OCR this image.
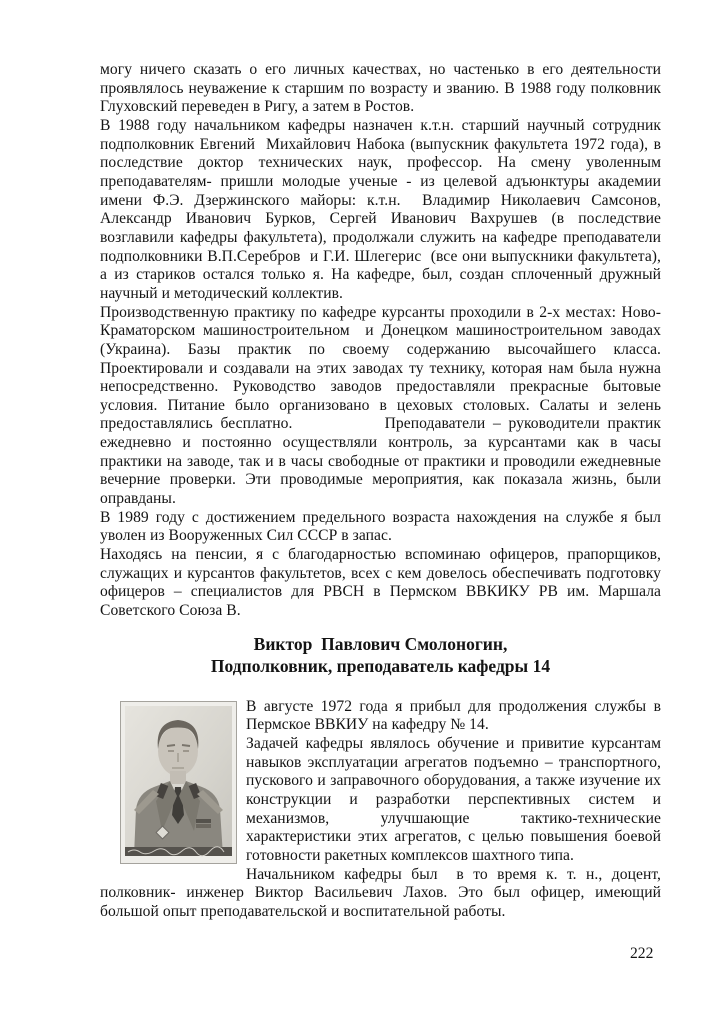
могу ничего сказать о его личных качествах, но частенько в его деятельности проявлялось неуважение к старшим по возрасту и званию. В 1988 году полковник Глуховский переведен в Ригу, а затем в Ростов.

В 1988 году начальником кафедры назначен к.т.н. старший научный сотрудник подполковник Евгений  Михайлович Набока (выпускник факультета 1972 года), в последствие доктор технических наук, профессор. На смену уволенным преподавателям- пришли молодые ученые - из целевой адъюнктуры академии имени Ф.Э. Дзержинского майоры: к.т.н.  Владимир Николаевич Самсонов, Александр Иванович Бурков, Сергей Иванович Вахрушев (в последствие возглавили кафедры факультета), продолжали служить на кафедре преподаватели подполковники В.П.Серебров  и Г.И. Шлегерис  (все они выпускники факультета), а из стариков остался только я. На кафедре, был, создан сплоченный дружный научный и методический коллектив.

Производственную практику по кафедре курсанты проходили в 2-х местах: Ново-Краматорском машиностроительном  и Донецком машиностроительном заводах (Украина). Базы практик по своему содержанию высочайшего класса. Проектировали и создавали на этих заводах ту технику, которая нам была нужна непосредственно. Руководство заводов предоставляли прекрасные бытовые условия. Питание было организовано в цеховых столовых. Салаты и зелень предоставлялись бесплатно.            Преподаватели – руководители практик ежедневно и постоянно осуществляли контроль, за курсантами как в часы практики на заводе, так и в часы свободные от практики и проводили ежедневные вечерние проверки. Эти проводимые мероприятия, как показала жизнь, были оправданы.

В 1989 году с достижением предельного возраста нахождения на службе я был уволен из Вооруженных Сил СССР в запас.

Находясь на пенсии, я с благодарностью вспоминаю офицеров, прапорщиков, служащих и курсантов факультетов, всех с кем довелось обеспечивать подготовку офицеров – специалистов для РВСН в Пермском ВВКИКУ РВ им. Маршала Советского Союза В.

Виктор  Павлович Смолоногин,
Подполковник, преподаватель кафедры 14

В августе 1972 года я прибыл для продолжения службы в Пермское ВВКИУ на кафедру № 14.

Задачей кафедры являлось обучение и привитие курсантам навыков эксплуатации агрегатов подъемно – транспортного, пускового и заправочного оборудования, а также изучение их конструкции и разработки перспективных систем и механизмов, улучшающие тактико-технические характеристики этих агрегатов, с целью повышения боевой готовности ракетных комплексов шахтного типа.

Начальником кафедры был  в то время к. т. н., доцент, полковник- инженер Виктор Васильевич Лахов. Это был офицер, имеющий большой опыт преподавательской и воспитательной работы.

222
